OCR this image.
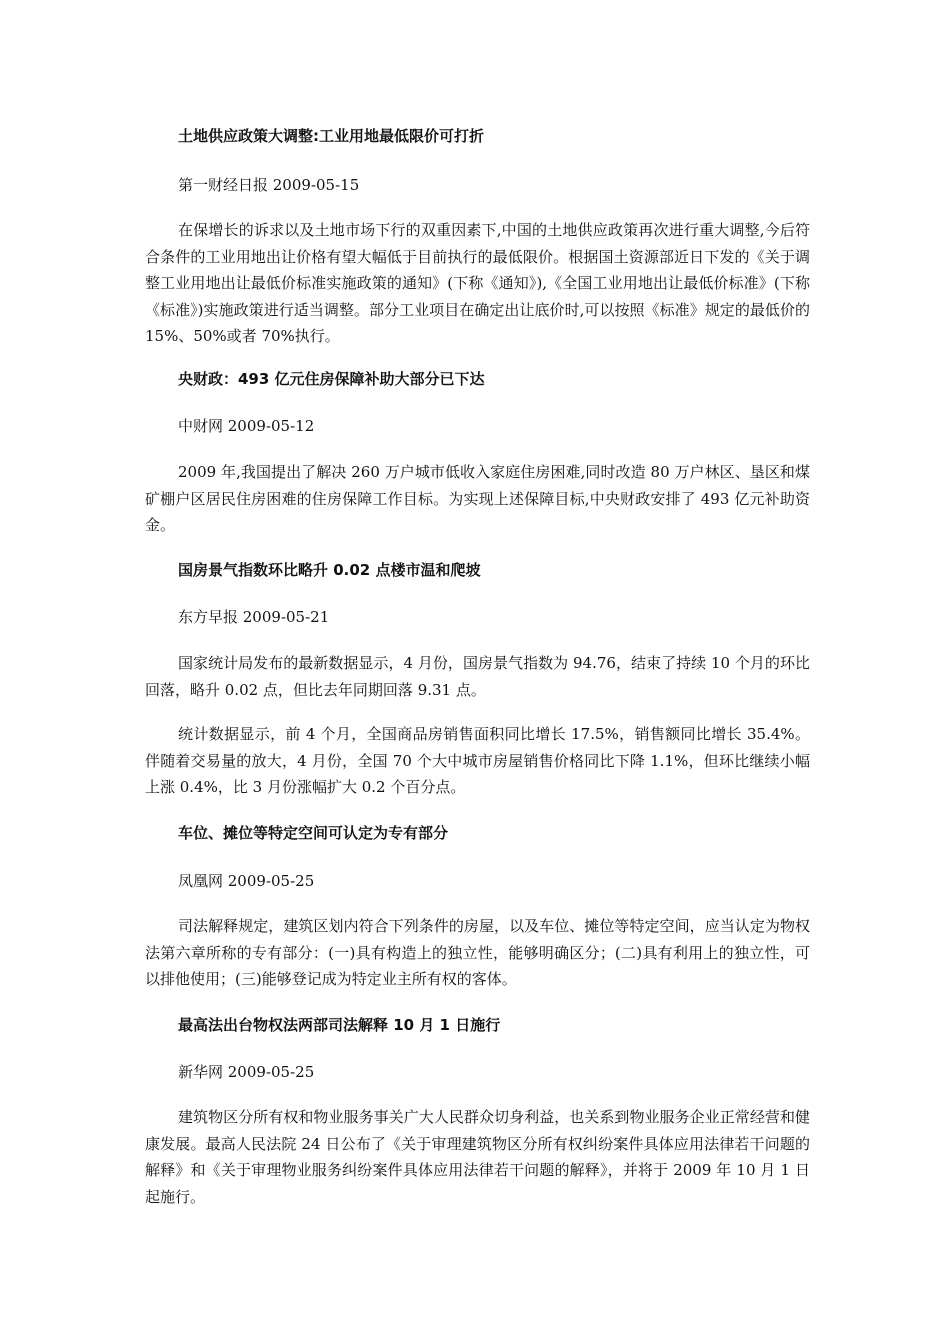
土地供应政策大调整:工业用地最低限价可打折

第一财经日报 2009-05-15

在保增长的诉求以及土地市场下行的双重因素下,中国的土地供应政策再次进行重大调整,今后符合条件的工业用地出让价格有望大幅低于目前执行的最低限价。根据国土资源部近日下发的《关于调整工业用地出让最低价标准实施政策的通知》(下称《通知》),《全国工业用地出让最低价标准》(下称《标准》)实施政策进行适当调整。部分工业项目在确定出让底价时,可以按照《标准》规定的最低价的 15%、50%或者 70%执行。

央财政：493 亿元住房保障补助大部分已下达

中财网 2009-05-12

2009 年,我国提出了解决 260 万户城市低收入家庭住房困难,同时改造 80 万户林区、垦区和煤矿棚户区居民住房困难的住房保障工作目标。为实现上述保障目标,中央财政安排了 493 亿元补助资金。

国房景气指数环比略升 0.02 点楼市温和爬坡

东方早报 2009-05-21

国家统计局发布的最新数据显示，4 月份，国房景气指数为 94.76，结束了持续 10 个月的环比回落，略升 0.02 点，但比去年同期回落 9.31 点。

统计数据显示，前 4 个月，全国商品房销售面积同比增长 17.5%，销售额同比增长 35.4%。伴随着交易量的放大，4 月份，全国 70 个大中城市房屋销售价格同比下降 1.1%，但环比继续小幅上涨 0.4%，比 3 月份涨幅扩大 0.2 个百分点。

车位、摊位等特定空间可认定为专有部分

凤凰网 2009-05-25

司法解释规定，建筑区划内符合下列条件的房屋，以及车位、摊位等特定空间，应当认定为物权法第六章所称的专有部分：(一)具有构造上的独立性，能够明确区分；(二)具有利用上的独立性，可以排他使用；(三)能够登记成为特定业主所有权的客体。

最高法出台物权法两部司法解释 10 月 1 日施行

新华网 2009-05-25

建筑物区分所有权和物业服务事关广大人民群众切身利益，也关系到物业服务企业正常经营和健康发展。最高人民法院 24 日公布了《关于审理建筑物区分所有权纠纷案件具体应用法律若干问题的解释》和《关于审理物业服务纠纷案件具体应用法律若干问题的解释》，并将于 2009 年 10 月 1 日起施行。
